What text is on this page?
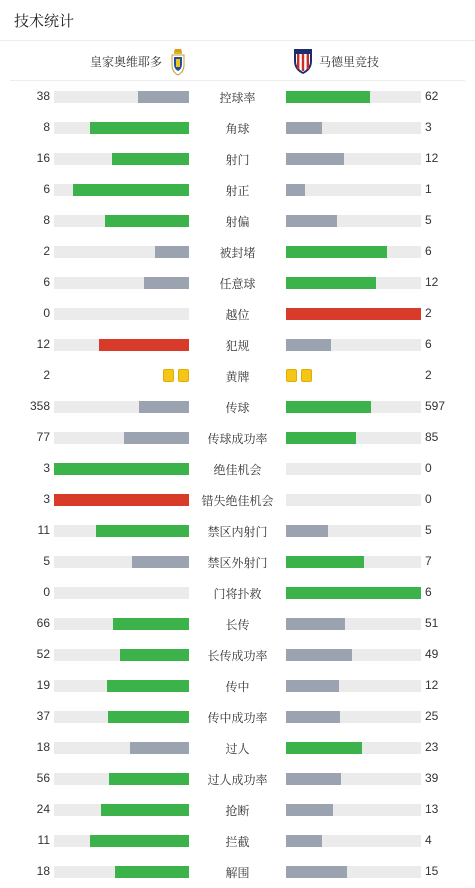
技术统计
皇家奥维耶多	马德里竞技
38	控球率	62
8	角球	3
16	射门	12
6	射正	1
8	射偏	5
2	被封堵	6
6	任意球	12
0	越位	2
12	犯规	6
2	黄牌	2
358	传球	597
77	传球成功率	85
3	绝佳机会	0
3	错失绝佳机会	0
11	禁区内射门	5
5	禁区外射门	7
0	门将扑救	6
66	长传	51
52	长传成功率	49
19	传中	12
37	传中成功率	25
18	过人	23
56	过人成功率	39
24	抢断	13
11	拦截	4
18	解围	15
